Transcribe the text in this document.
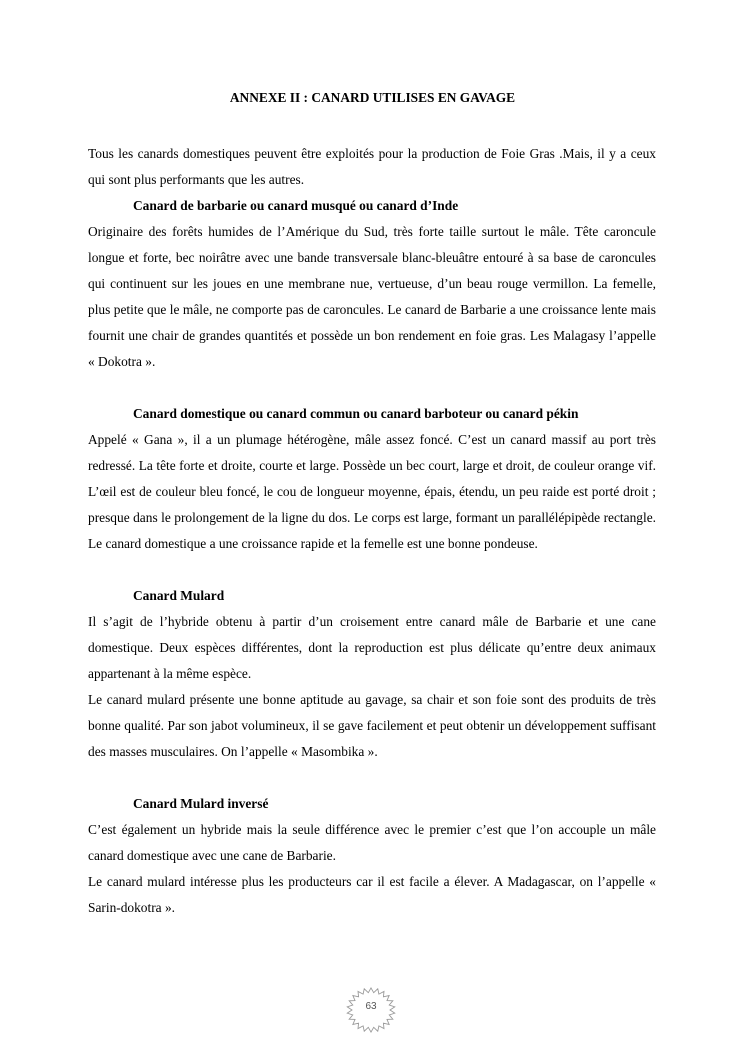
ANNEXE II : CANARD UTILISES EN GAVAGE

Tous les canards domestiques peuvent être exploités pour la production de Foie Gras .Mais, il y a ceux qui sont plus performants que les autres.

Canard de barbarie ou canard musqué ou canard d’Inde

Originaire des forêts humides de l’Amérique du Sud, très forte taille surtout le mâle. Tête caroncule longue et forte, bec noirâtre avec une bande transversale blanc-bleuâtre entouré à sa base de caroncules qui continuent sur les joues en une membrane nue, vertueuse, d’un beau rouge vermillon. La femelle, plus petite que le mâle, ne comporte pas de caroncules. Le canard de Barbarie a une croissance lente mais fournit une chair de grandes quantités et possède un bon rendement en foie gras. Les Malagasy l’appelle « Dokotra ».

Canard domestique ou canard commun ou canard barboteur ou canard pékin

Appelé « Gana », il a un plumage hétérogène, mâle assez foncé. C’est un canard massif au port très redressé. La tête forte et droite, courte et large. Possède un bec court, large et droit, de couleur orange vif. L’œil est de couleur bleu foncé, le cou de longueur moyenne, épais, étendu, un peu raide est porté droit ; presque dans le prolongement de la ligne du dos. Le corps est large, formant un parallélépipède rectangle. Le canard domestique a une croissance rapide et la femelle est une bonne pondeuse.

Canard Mulard

Il s’agit de l’hybride obtenu à partir d’un croisement entre canard mâle de Barbarie et une cane domestique. Deux espèces différentes, dont la reproduction est plus délicate qu’entre deux animaux appartenant à la même espèce.

Le canard mulard présente une bonne aptitude au gavage, sa chair et son foie sont des produits de très bonne qualité. Par son jabot volumineux, il se gave facilement et peut obtenir un développement suffisant des masses musculaires. On l’appelle « Masombika ».

Canard Mulard inversé

C’est également un hybride mais la seule différence avec le premier c’est que l’on accouple un mâle canard domestique avec une cane de Barbarie.

Le canard mulard intéresse plus les producteurs car il est facile a élever. A Madagascar, on l’appelle « Sarin-dokotra ».

63
